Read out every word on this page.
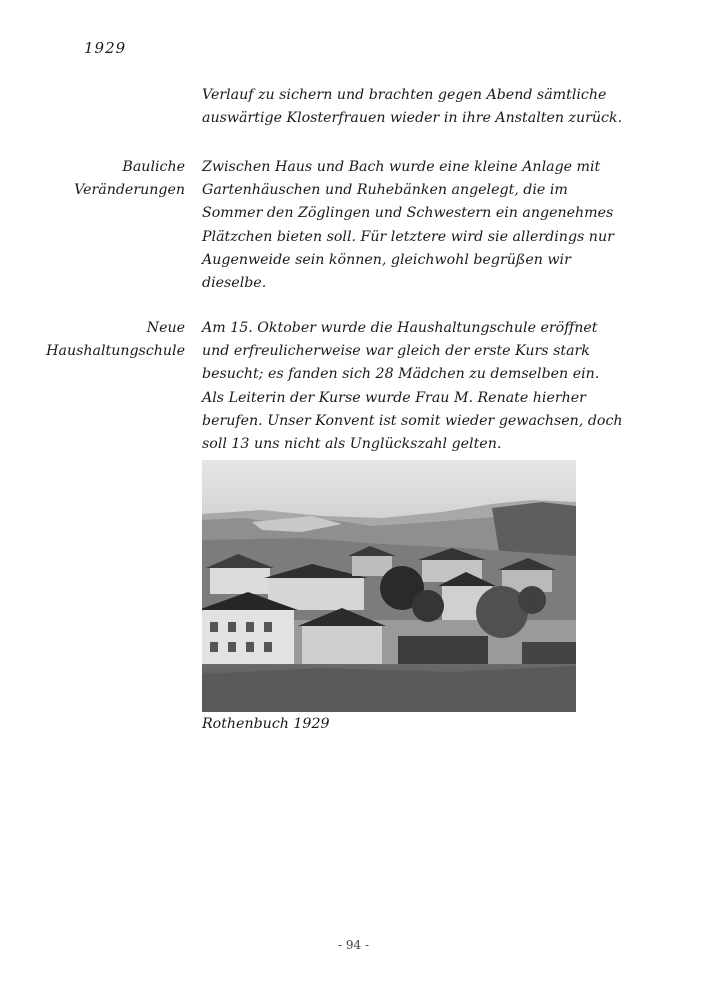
1929
Verlauf zu sichern und brachten gegen Abend sämtliche
auswärtige Klosterfrauen wieder in ihre Anstalten zurück.
Bauliche
Veränderungen
Zwischen Haus und Bach wurde eine kleine Anlage mit
Gartenhäuschen und Ruhebänken angelegt, die im
Sommer den Zöglingen und Schwestern ein angenehmes
Plätzchen bieten soll. Für letztere wird sie allerdings nur
Augenweide sein können, gleichwohl begrüßen wir
dieselbe.
Neue
Haushaltungschule
Am 15. Oktober wurde die Haushaltungschule eröffnet
und erfreulicherweise war gleich der erste Kurs stark
besucht; es fanden sich 28 Mädchen zu demselben ein.
Als Leiterin der Kurse wurde Frau M. Renate hierher
berufen. Unser Konvent ist somit wieder gewachsen, doch
soll 13 uns nicht als Unglückszahl gelten.
Rothenbuch 1929
- 94 -
